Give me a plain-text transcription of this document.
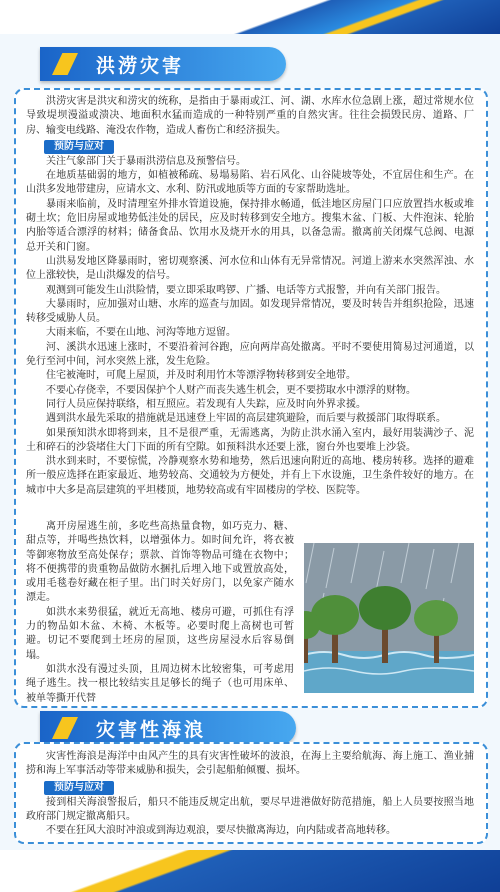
洪涝灾害

洪涝灾害是洪灾和涝灾的统称，是指由于暴雨或江、河、湖、水库水位急剧上涨，超过常规水位导致堤坝漫溢或溃决、地面积水猛而造成的一种特别严重的自然灾害。往往会损毁民房、道路、厂房、输变电线路、淹没农作物，造成人畜伤亡和经济损失。

预防与应对

关注气象部门关于暴雨洪涝信息及预警信号。

在地质基础弱的地方，如植被稀疏、易塌易陷、岩石风化、山谷陡坡等处，不宜居住和生产。在山洪多发地带建房，应请水文、水利、防汛或地质等方面的专家帮助选址。

暴雨来临前，及时清理室外排水管道设施，保持排水畅通，低洼地区房屋门口应放置挡水板或堆砌土坎；危旧房屋或地势低洼处的居民，应及时转移到安全地方。搜集木盆、门板、大件泡沫、轮胎内胎等适合漂浮的材料；储备食品、饮用水及烧开水的用具，以备急需。撤离前关闭煤气总阀、电源总开关和门窗。

山洪易发地区降暴雨时，密切观察溪、河水位和山体有无异常情况。河道上游来水突然浑浊、水位上涨较快，是山洪爆发的信号。

观测到可能发生山洪险情，要立即采取鸣锣、广播、电话等方式报警，并向有关部门报告。

大暴雨时，应加强对山塘、水库的巡查与加固。如发现异常情况，要及时转告并组织抢险，迅速转移受威胁人员。

大雨来临，不要在山地、河沟等地方逗留。

河、溪洪水迅速上涨时，不要沿着河谷跑，应向两岸高处撤离。平时不要使用简易过河通道，以免行至河中间，河水突然上涨，发生危险。

住宅被淹时，可爬上屋顶，并及时利用竹木等漂浮物转移到安全地带。

不要心存侥幸，不要因保护个人财产而丧失逃生机会，更不要捞取水中漂浮的财物。

同行人员应保持联络，相互照应。若发现有人失踪，应及时向外界求援。

遇到洪水最先采取的措施就是迅速登上牢固的高层建筑避险，而后要与救援部门取得联系。

如果预知洪水即将到来，且不是很严重，无需逃离，为防止洪水涌入室内，最好用装满沙子、泥土和碎石的沙袋堵住大门下面的所有空隙。如预料洪水还要上涨，窗台外也要堆上沙袋。

洪水到来时，不要惊慌，冷静观察水势和地势，然后迅速向附近的高地、楼房转移。选择的避难所一般应选择在距家最近、地势较高、交通较为方便处，并有上下水设施，卫生条件较好的地方。在城市中大多是高层建筑的平坦楼顶，地势较高或有牢固楼房的学校、医院等。

离开房屋逃生前，多吃些高热量食物，如巧克力、糖、甜点等，并喝些热饮料，以增强体力。如时间允许，将衣被等御寒物放至高处保存；票款、首饰等物品可缝在衣物中；将不便携带的贵重物品做防水捆扎后埋入地下或置放高处，或用毛毯卷好藏在柜子里。出门时关好房门，以免家产随水漂走。

如洪水来势很猛，就近无高地、楼房可避，可抓住有浮力的物品如木盆、木椅、木板等。必要时爬上高树也可暂避。切记不要爬到土坯房的屋顶，这些房屋浸水后容易倒塌。

如洪水没有漫过头顶，且周边树木比较密集，可考虑用绳子逃生。找一根比较结实且足够长的绳子（也可用床单、被单等撕开代替

灾害性海浪

灾害性海浪是海洋中由风产生的具有灾害性破坏的波浪，在海上主要给航海、海上施工、渔业捕捞和海上军事活动等带来威胁和损失，会引起船舶倾覆、损坏。

预防与应对

接到相关海浪警报后，船只不能违反规定出航，要尽早进港做好防范措施，船上人员要按照当地政府部门规定撤离船只。

不要在狂风大浪时冲浪或到海边观浪，要尽快撤离海边，向内陆或者高地转移。
